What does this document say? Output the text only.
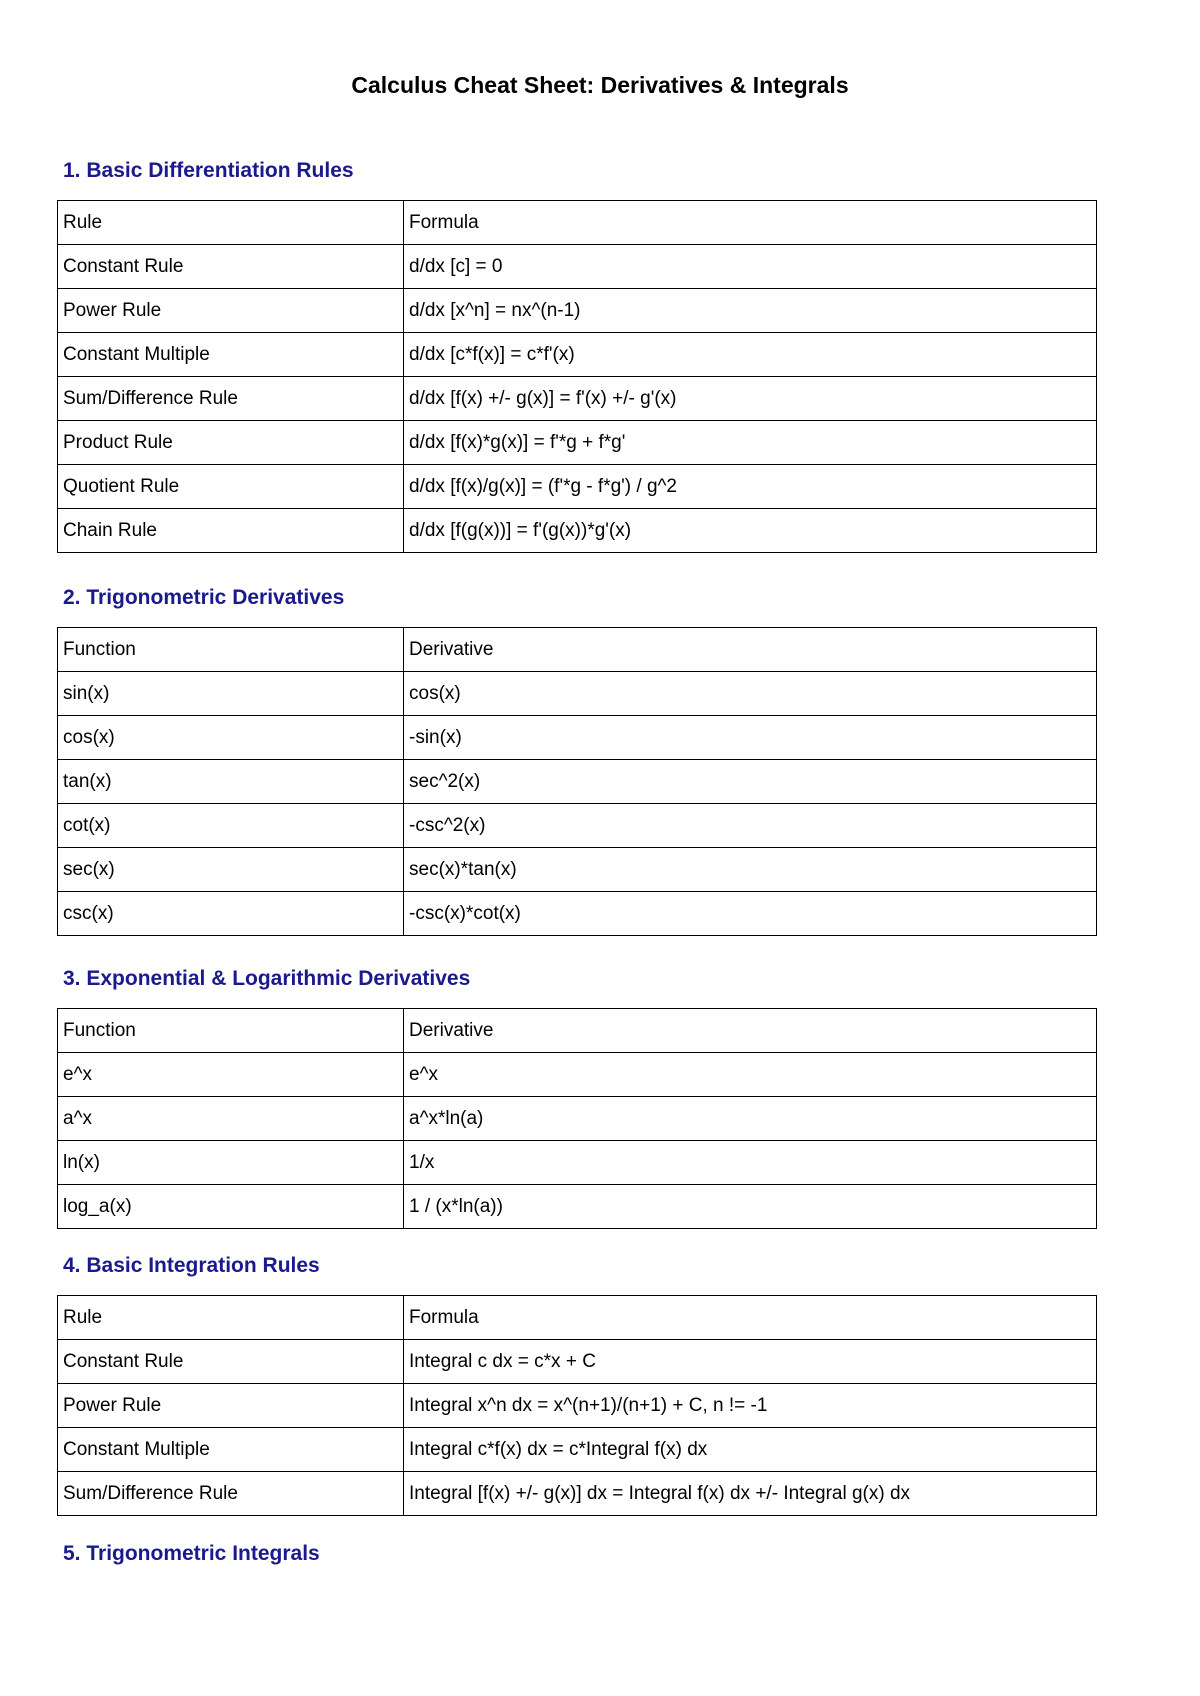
Calculus Cheat Sheet: Derivatives & Integrals
1. Basic Differentiation Rules
Rule	Formula
Constant Rule	d/dx [c] = 0
Power Rule	d/dx [x^n] = nx^(n-1)
Constant Multiple	d/dx [c*f(x)] = c*f'(x)
Sum/Difference Rule	d/dx [f(x) +/- g(x)] = f'(x) +/- g'(x)
Product Rule	d/dx [f(x)*g(x)] = f'*g + f*g'
Quotient Rule	d/dx [f(x)/g(x)] = (f'*g - f*g') / g^2
Chain Rule	d/dx [f(g(x))] = f'(g(x))*g'(x)
2. Trigonometric Derivatives
Function	Derivative
sin(x)	cos(x)
cos(x)	-sin(x)
tan(x)	sec^2(x)
cot(x)	-csc^2(x)
sec(x)	sec(x)*tan(x)
csc(x)	-csc(x)*cot(x)
3. Exponential & Logarithmic Derivatives
Function	Derivative
e^x	e^x
a^x	a^x*ln(a)
ln(x)	1/x
log_a(x)	1 / (x*ln(a))
4. Basic Integration Rules
Rule	Formula
Constant Rule	Integral c dx = c*x + C
Power Rule	Integral x^n dx = x^(n+1)/(n+1) + C, n != -1
Constant Multiple	Integral c*f(x) dx = c*Integral f(x) dx
Sum/Difference Rule	Integral [f(x) +/- g(x)] dx = Integral f(x) dx +/- Integral g(x) dx
5. Trigonometric Integrals
